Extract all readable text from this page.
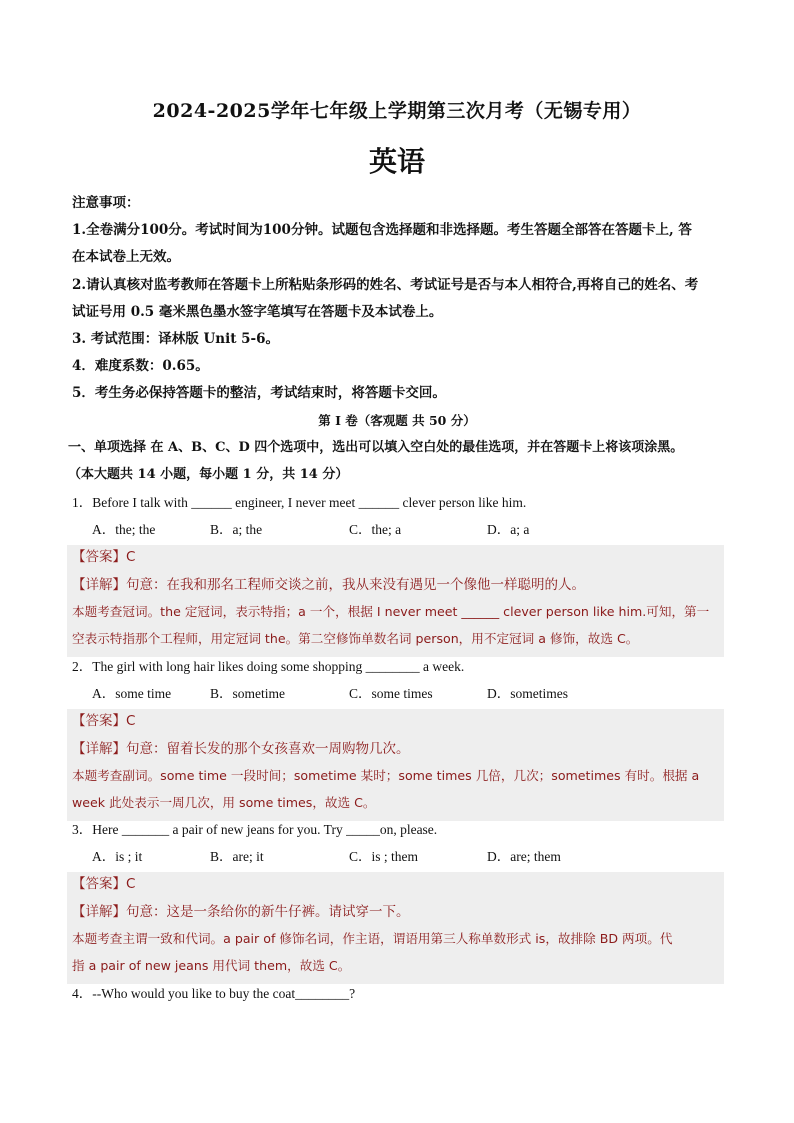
2024-2025学年七年级上学期第三次月考（无锡专用）
英语
注意事项：
1.全卷满分100分。考试时间为100分钟。试题包含选择题和非选择题。考生答题全部答在答题卡上, 答
在本试卷上无效。
2.请认真核对监考教师在答题卡上所粘贴条形码的姓名、考试证号是否与本人相符合,再将自己的姓名、考
试证号用 0.5 毫米黑色墨水签字笔填写在答题卡及本试卷上。
3. 考试范围：译林版 Unit 5-6。
4．难度系数：0.65。
5．考生务必保持答题卡的整洁，考试结束时，将答题卡交回。
第 I 卷（客观题 共 50 分）
一、单项选择 在 A、B、C、D 四个选项中，选出可以填入空白处的最佳选项，并在答题卡上将该项涂黑。
（本大题共 14 小题，每小题 1 分，共 14 分）
1．Before I talk with ______ engineer, I never meet ______ clever person like him.
A．the; the	B．a; the	C．the; a	D．a; a
【答案】C
【详解】句意：在我和那名工程师交谈之前，我从来没有遇见一个像他一样聪明的人。
本题考查冠词。the 定冠词，表示特指；a 一个，根据 I never meet ______ clever person like him.可知，第一
空表示特指那个工程师，用定冠词 the。第二空修饰单数名词 person，用不定冠词 a 修饰，故选 C。
2．The girl with long hair likes doing some shopping ________ a week.
A．some time	B．sometime	C．some times	D．sometimes
【答案】C
【详解】句意：留着长发的那个女孩喜欢一周购物几次。
本题考查副词。some time 一段时间；sometime 某时；some times 几倍，几次；sometimes 有时。根据 a
week 此处表示一周几次，用 some times，故选 C。
3．Here _______ a pair of new jeans for you. Try _____on, please.
A．is ; it	B．are; it	C．is ; them	D．are; them
【答案】C
【详解】句意：这是一条给你的新牛仔裤。请试穿一下。
本题考查主谓一致和代词。a pair of 修饰名词，作主语，谓语用第三人称单数形式 is，故排除 BD 两项。代
指 a pair of new jeans 用代词 them，故选 C。
4．--Who would you like to buy the coat________?
